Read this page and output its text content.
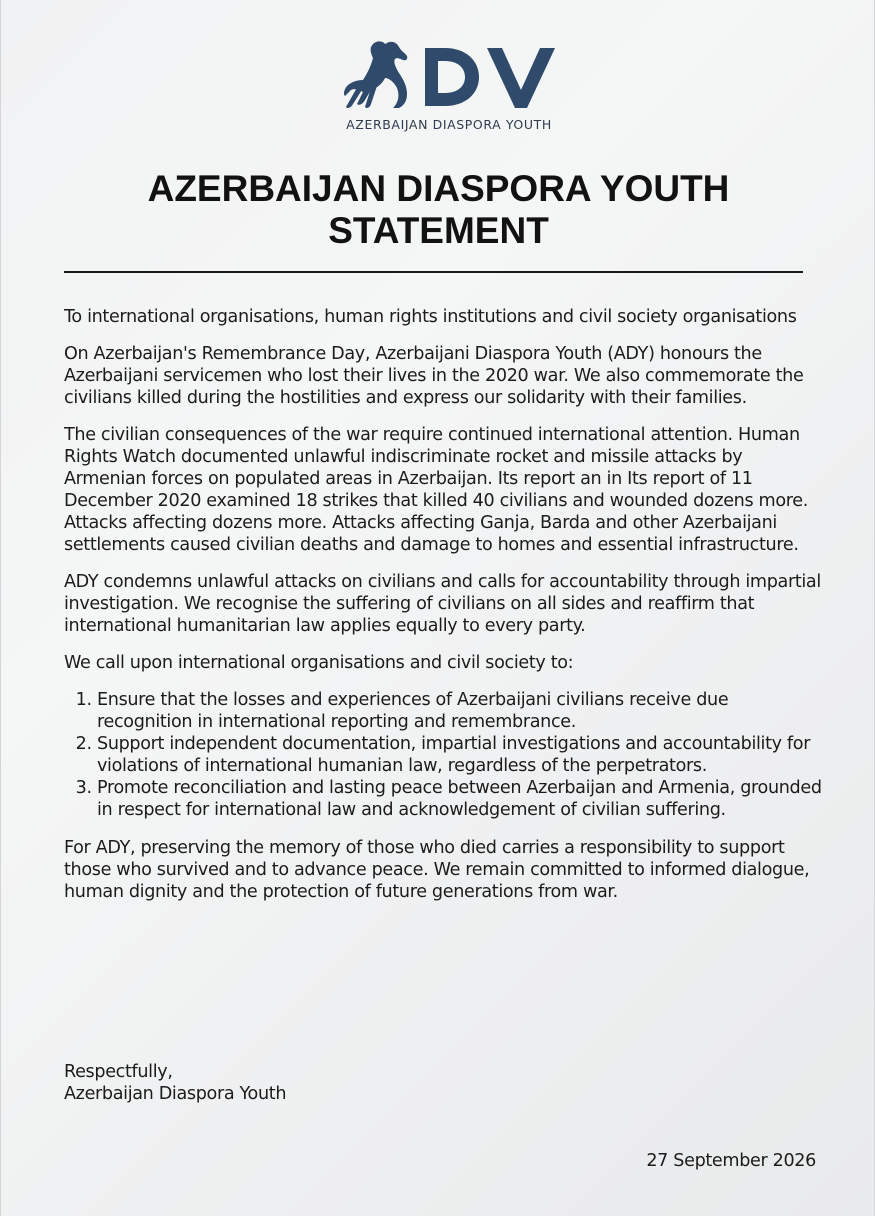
AZERBAIJAN DIASPORA YOUTH
AZERBAIJAN DIASPORA YOUTH
STATEMENT

To international organisations, human rights institutions and civil society organisations

On Azerbaijan's Remembrance Day, Azerbaijani Diaspora Youth (ADY) honours the Azerbaijani servicemen who lost their lives in the 2020 war. We also commemorate the civilians killed during the hostilities and express our solidarity with their families.

The civilian consequences of the war require continued international attention. Human Rights Watch documented unlawful indiscriminate rocket and missile attacks by Armenian forces on populated areas in Azerbaijan. Its report an in Its report of 11 December 2020 examined 18 strikes that killed 40 civilians and wounded dozens more. Attacks affecting dozens more. Attacks affecting Ganja, Barda and other Azerbaijani settlements caused civilian deaths and damage to homes and essential infrastructure.

ADY condemns unlawful attacks on civilians and calls for accountability through impartial investigation. We recognise the suffering of civilians on all sides and reaffirm that international humanitarian law applies equally to every party.

We call upon international organisations and civil society to:

1. Ensure that the losses and experiences of Azerbaijani civilians receive due recognition in international reporting and remembrance.
2. Support independent documentation, impartial investigations and accountability for violations of international humanian law, regardless of the perpetrators.
3. Promote reconciliation and lasting peace between Azerbaijan and Armenia, grounded in respect for international law and acknowledgement of civilian suffering.

For ADY, preserving the memory of those who died carries a responsibility to support those who survived and to advance peace. We remain committed to informed dialogue, human dignity and the protection of future generations from war.

Respectfully,
Azerbaijan Diaspora Youth
27 September 2026
